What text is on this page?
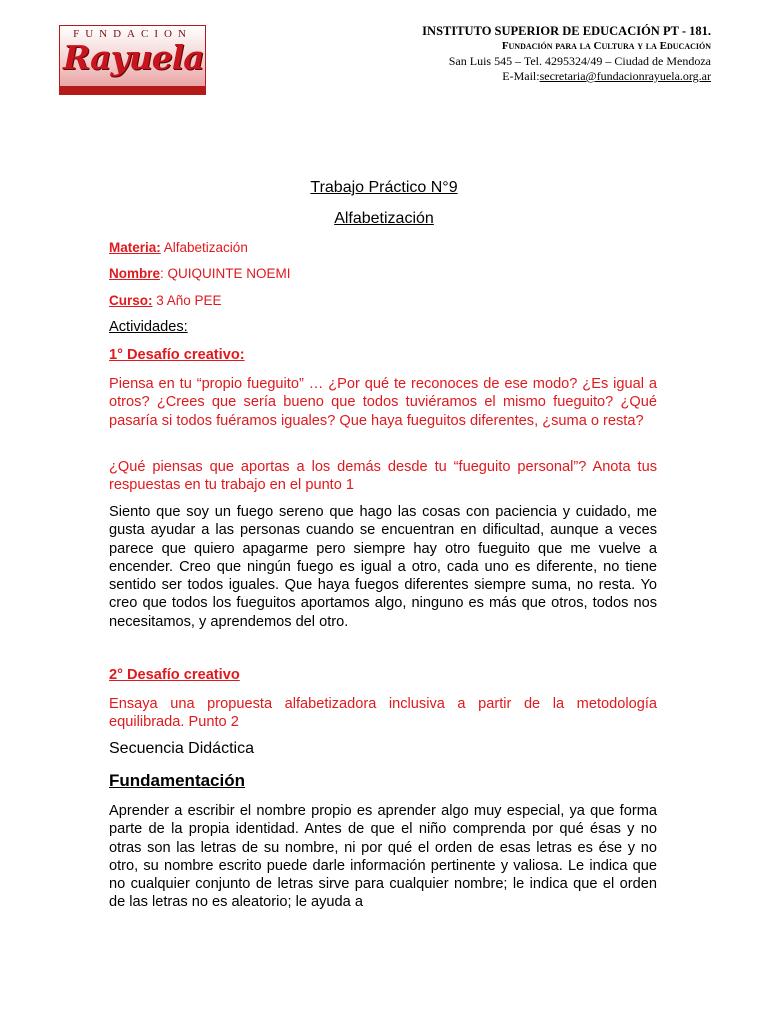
FUNDACION
Rayuela
INSTITUTO SUPERIOR DE EDUCACIÓN PT - 181.
Fundación para la Cultura y la Educación
San Luis 545 – Tel. 4295324/49 – Ciudad de Mendoza
E-Mail:secretaria@fundacionrayuela.org.ar
Trabajo Práctico N°9
Alfabetización
Materia: Alfabetización
Nombre: QUIQUINTE NOEMI
Curso: 3 Año PEE
Actividades:
1° Desafío creativo:
Piensa en tu “propio fueguito” … ¿Por qué te reconoces de ese modo? ¿Es igual a otros? ¿Crees que sería bueno que todos tuviéramos el mismo fueguito? ¿Qué pasaría si todos fuéramos iguales? Que haya fueguitos diferentes, ¿suma o resta?
¿Qué piensas que aportas a los demás desde tu “fueguito personal”? Anota tus respuestas en tu trabajo en el punto 1
Siento que soy un fuego sereno que hago las cosas con paciencia y cuidado, me gusta ayudar a las personas cuando se encuentran en dificultad, aunque a veces parece que quiero apagarme pero siempre hay otro fueguito que me vuelve a encender. Creo que ningún fuego es igual a otro, cada uno es diferente, no tiene sentido ser todos iguales. Que haya fuegos diferentes siempre suma, no resta. Yo creo que todos los fueguitos aportamos algo, ninguno es más que otros, todos nos necesitamos, y aprendemos del otro.
2° Desafío creativo
Ensaya una propuesta alfabetizadora inclusiva a partir de la metodología equilibrada. Punto 2
Secuencia Didáctica
Fundamentación
Aprender a escribir el nombre propio es aprender algo muy especial, ya que forma parte de la propia identidad. Antes de que el niño comprenda por qué ésas y no otras son las letras de su nombre, ni por qué el orden de esas letras es ése y no otro, su nombre escrito puede darle información pertinente y valiosa. Le indica que no cualquier conjunto de letras sirve para cualquier nombre; le indica que el orden de las letras no es aleatorio; le ayuda a
